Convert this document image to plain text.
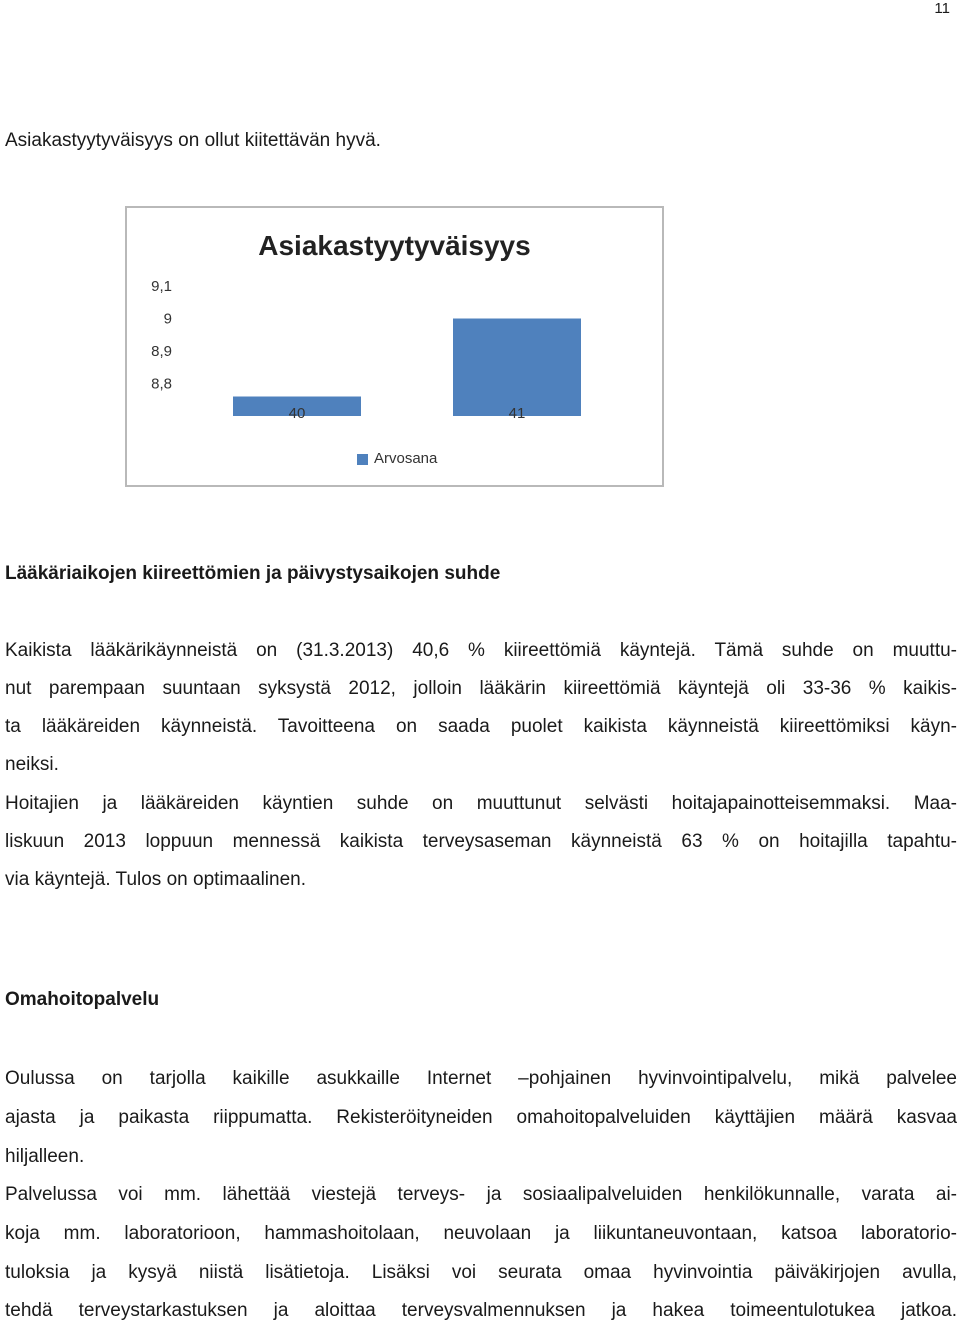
11

Asiakastyytyväisyys on ollut kiitettävän hyvä.

Asiakastyytyväisyys
9,1
9
8,9
8,8
40	41
Arvosana
Lääkäriaikojen kiireettömien ja päivystysaikojen suhde
Kaikista lääkärikäynneistä on (31.3.2013) 40,6 % kiireettömiä käyntejä. Tämä suhde on muuttu-
nut parempaan suuntaan syksystä 2012, jolloin lääkärin kiireettömiä käyntejä oli 33-36 % kaikis-
ta lääkäreiden käynneistä. Tavoitteena on saada puolet kaikista käynneistä kiireettömiksi käyn-
neiksi.
Hoitajien ja lääkäreiden käyntien suhde on muuttunut selvästi hoitajapainotteisemmaksi. Maa-
liskuun 2013 loppuun mennessä kaikista terveysaseman käynneistä 63 % on hoitajilla tapahtu-
via käyntejä. Tulos on optimaalinen.
Omahoitopalvelu
Oulussa on tarjolla kaikille asukkaille Internet –pohjainen hyvinvointipalvelu, mikä palvelee
ajasta ja paikasta riippumatta. Rekisteröityneiden omahoitopalveluiden käyttäjien määrä kasvaa
hiljalleen.
Palvelussa voi mm. lähettää viestejä terveys- ja sosiaalipalveluiden henkilökunnalle, varata ai-
koja mm. laboratorioon, hammashoitolaan, neuvolaan ja liikuntaneuvontaan, katsoa laboratorio-
tuloksia ja kysyä niistä lisätietoja. Lisäksi voi seurata omaa hyvinvointia päiväkirjojen avulla,
tehdä terveystarkastuksen ja aloittaa terveysvalmennuksen ja hakea toimeentulotukea jatkoa.
